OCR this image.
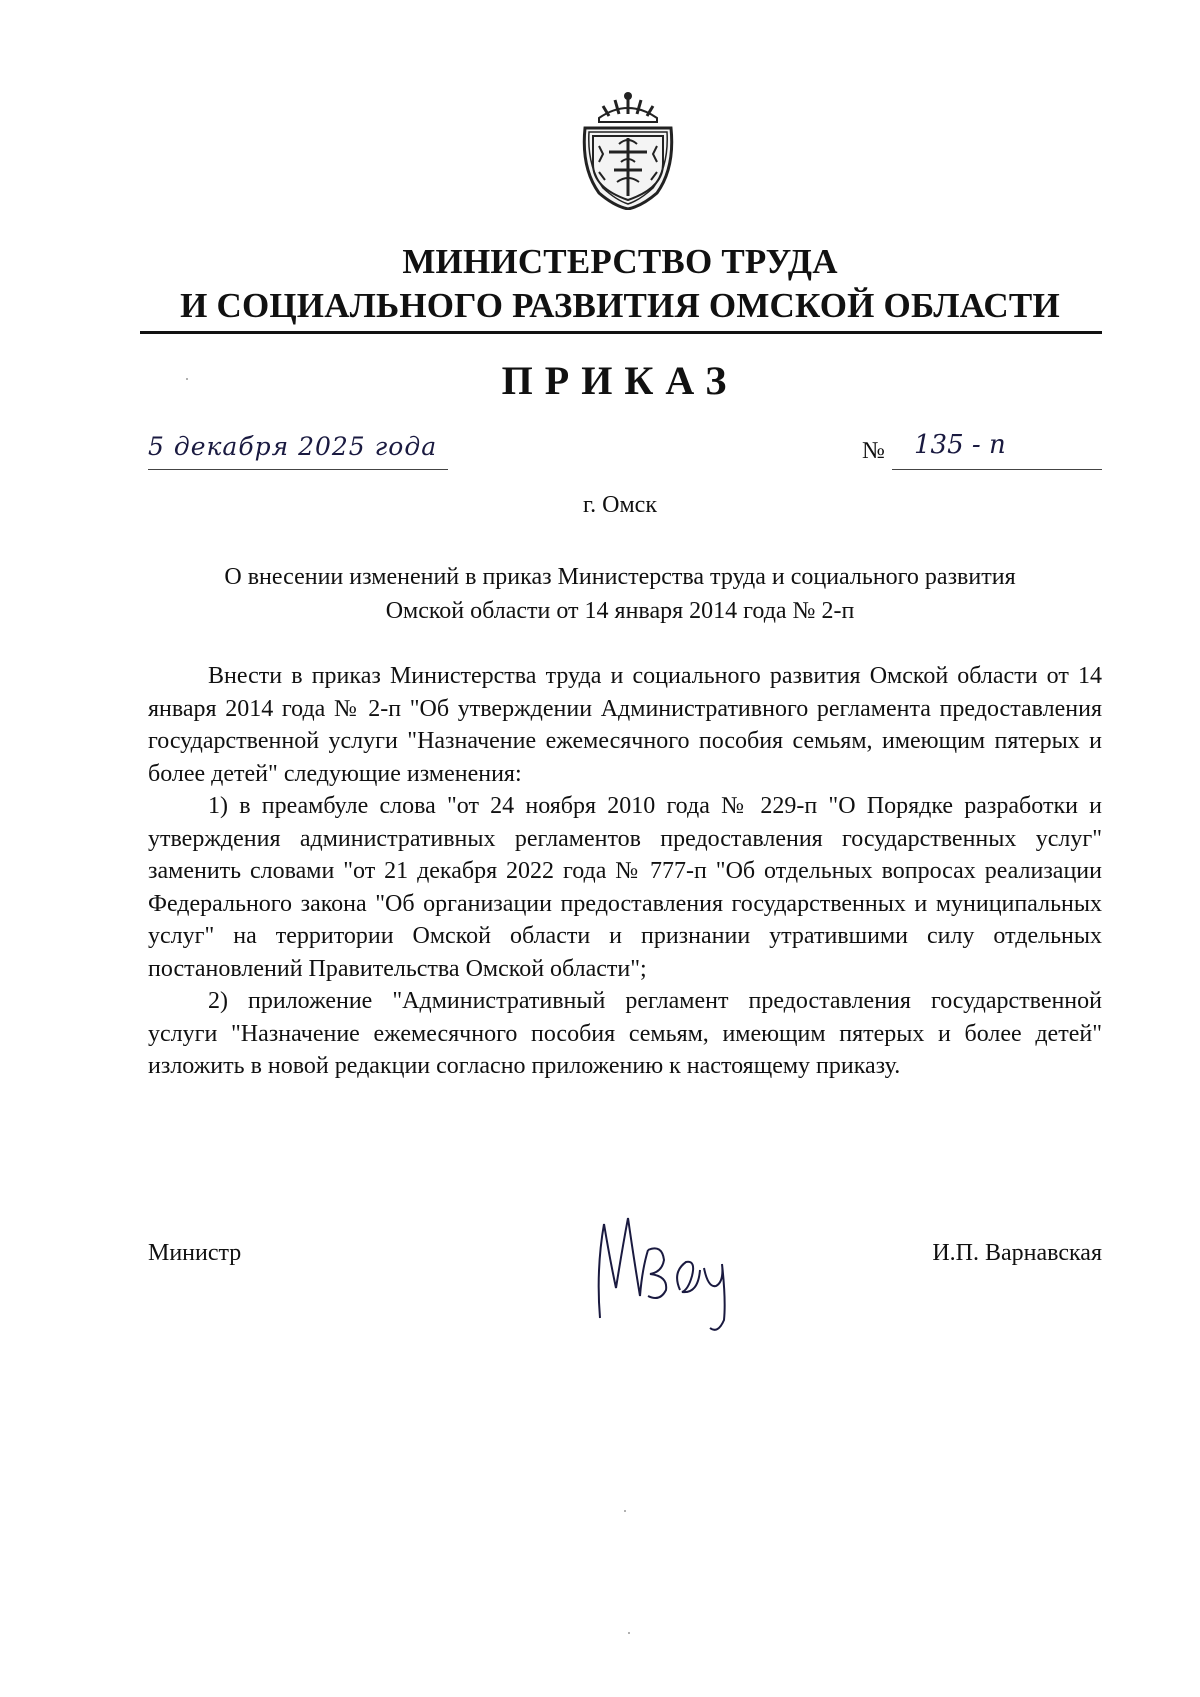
МИНИСТЕРСТВО ТРУДА
И СОЦИАЛЬНОГО РАЗВИТИЯ ОМСКОЙ ОБЛАСТИ
ПРИКАЗ
5 декабря 2025 года	№ 135 - п
г. Омск
О внесении изменений в приказ Министерства труда и социального развития
Омской области от 14 января 2014 года № 2-п

Внести в приказ Министерства труда и социального развития Омской области от 14 января 2014 года № 2-п "Об утверждении Административного регламента предоставления государственной услуги "Назначение ежемесячного пособия семьям, имеющим пятерых и более детей" следующие изменения:

1) в преамбуле слова "от 24 ноября 2010 года № 229-п "О Порядке разработки и утверждения административных регламентов предоставления государственных услуг" заменить словами "от 21 декабря 2022 года № 777-п "Об отдельных вопросах реализации Федерального закона "Об организации предоставления государственных и муниципальных услуг" на территории Омской области и признании утратившими силу отдельных постановлений Правительства Омской области";

2) приложение "Административный регламент предоставления государственной услуги "Назначение ежемесячного пособия семьям, имеющим пятерых и более детей" изложить в новой редакции согласно приложению к настоящему приказу.

Министр	И.П. Варнавская
